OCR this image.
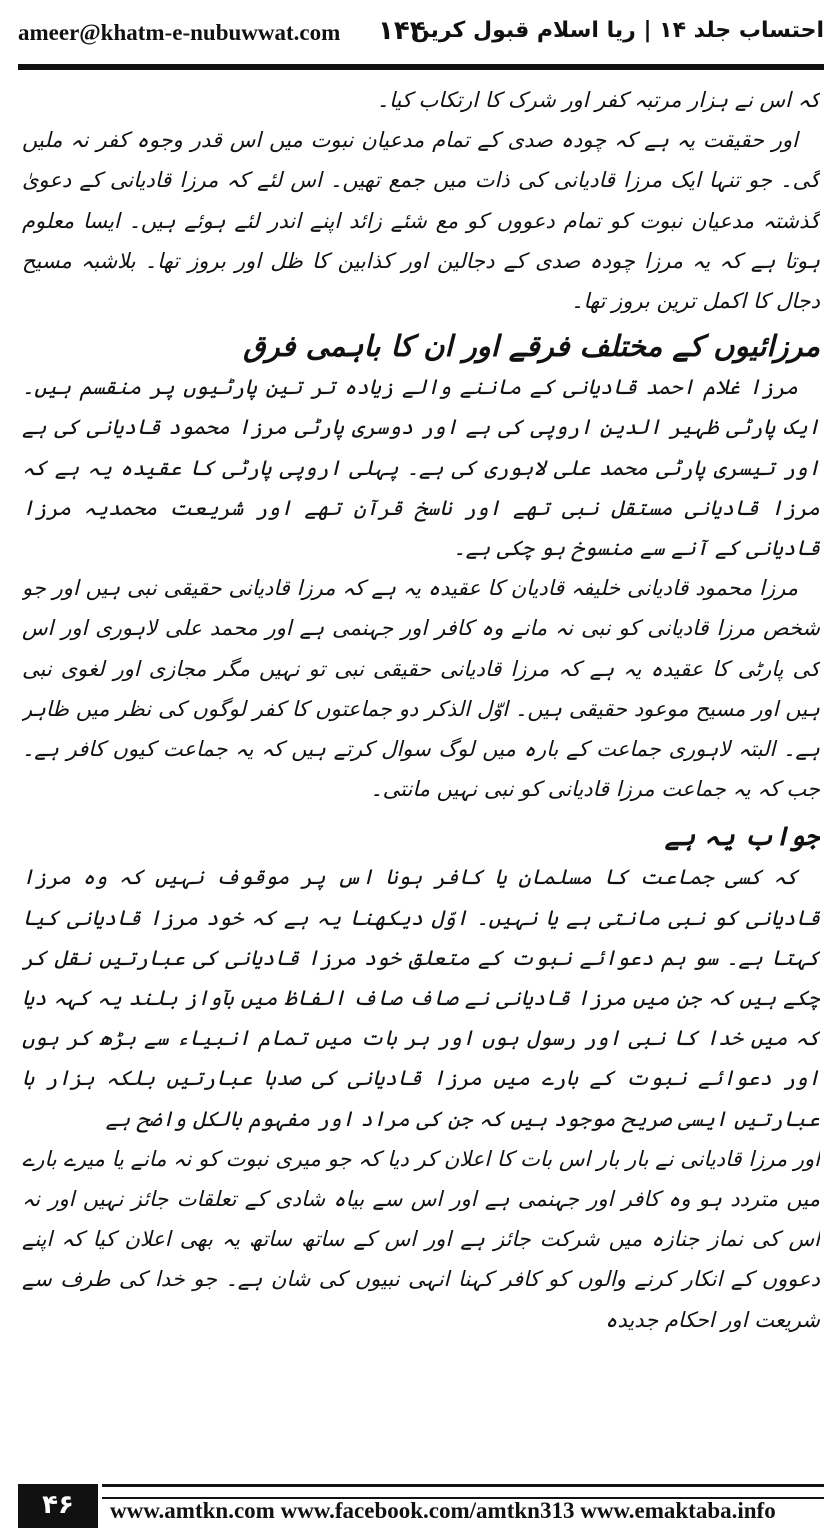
ameer@khatm-e-nubuwwat.com ۱۴۴
احتساب جلد ۱۴ | ریا اسلام قبول کریں

کہ اس نے ہزار مرتبہ کفر اور شرک کا ارتکاب کیا۔

اور حقیقت یہ ہے کہ چودہ صدی کے تمام مدعیان نبوت میں اس قدر وجوہ کفر نہ ملیں گی۔ جو تنہا ایک مرزا قادیانی کی ذات میں جمع تھیں۔ اس لئے کہ مرزا قادیانی کے دعویٰ گذشتہ مدعیان نبوت کو تمام دعووں کو مع شئے زائد اپنے اندر لئے ہوئے ہیں۔ ایسا معلوم ہوتا ہے کہ یہ مرزا چودہ صدی کے دجالین اور کذابین کا ظل اور بروز تھا۔ بلاشبہ مسیح دجال کا اکمل ترین بروز تھا۔

مرزائیوں کے مختلف فرقے اور ان کا باہمی فرق

مرزا غلام احمد قادیانی کے ماننے والے زیادہ تر تین پارٹیوں پر منقسم ہیں۔ ایک پارٹی ظہیر الدین اروپی کی ہے اور دوسری پارٹی مرزا محمود قادیانی کی ہے اور تیسری پارٹی محمد علی لاہوری کی ہے۔ پہلی اروپی پارٹی کا عقیدہ یہ ہے کہ مرزا قادیانی مستقل نبی تھے اور ناسخ قرآن تھے اور شریعت محمدیہ مرزا قادیانی کے آنے سے منسوخ ہو چکی ہے۔

مرزا محمود قادیانی خلیفہ قادیان کا عقیدہ یہ ہے کہ مرزا قادیانی حقیقی نبی ہیں اور جو شخص مرزا قادیانی کو نبی نہ مانے وہ کافر اور جہنمی ہے اور محمد علی لاہوری اور اس کی پارٹی کا عقیدہ یہ ہے کہ مرزا قادیانی حقیقی نبی تو نہیں مگر مجازی اور لغوی نبی ہیں اور مسیح موعود حقیقی ہیں۔ اوّل الذکر دو جماعتوں کا کفر لوگوں کی نظر میں ظاہر ہے۔ البتہ لاہوری جماعت کے بارہ میں لوگ سوال کرتے ہیں کہ یہ جماعت کیوں کافر ہے۔ جب کہ یہ جماعت مرزا قادیانی کو نبی نہیں مانتی۔

جواب یہ ہے

کہ کسی جماعت کا مسلمان یا کافر ہونا اس پر موقوف نہیں کہ وہ مرزا قادیانی کو نبی مانتی ہے یا نہیں۔ اوّل دیکھنا یہ ہے کہ خود مرزا قادیانی کیا کہتا ہے۔ سو ہم دعوائے نبوت کے متعلق خود مرزا قادیانی کی عبارتیں نقل کر چکے ہیں کہ جن میں مرزا قادیانی نے صاف صاف الفاظ میں بآواز بلند یہ کہہ دیا کہ میں خدا کا نبی اور رسول ہوں اور ہر بات میں تمام انبیاء سے بڑھ کر ہوں اور دعوائے نبوت کے بارے میں مرزا قادیانی کی صدہا عبارتیں بلکہ ہزار ہا عبارتیں ایسی صریح موجود ہیں کہ جن کی مراد اور مفہوم بالکل واضح ہے

اور مرزا قادیانی نے بار بار اس بات کا اعلان کر دیا کہ جو میری نبوت کو نہ مانے یا میرے بارے میں متردد ہو وہ کافر اور جہنمی ہے اور اس سے بیاہ شادی کے تعلقات جائز نہیں اور نہ اس کی نماز جنازہ میں شرکت جائز ہے اور اس کے ساتھ ساتھ یہ بھی اعلان کیا کہ اپنے دعووں کے انکار کرنے والوں کو کافر کہنا انہی نبیوں کی شان ہے۔ جو خدا کی طرف سے شریعت اور احکام جدیدہ

۴۶	www.amtkn.com www.facebook.com/amtkn313 www.emaktaba.info
